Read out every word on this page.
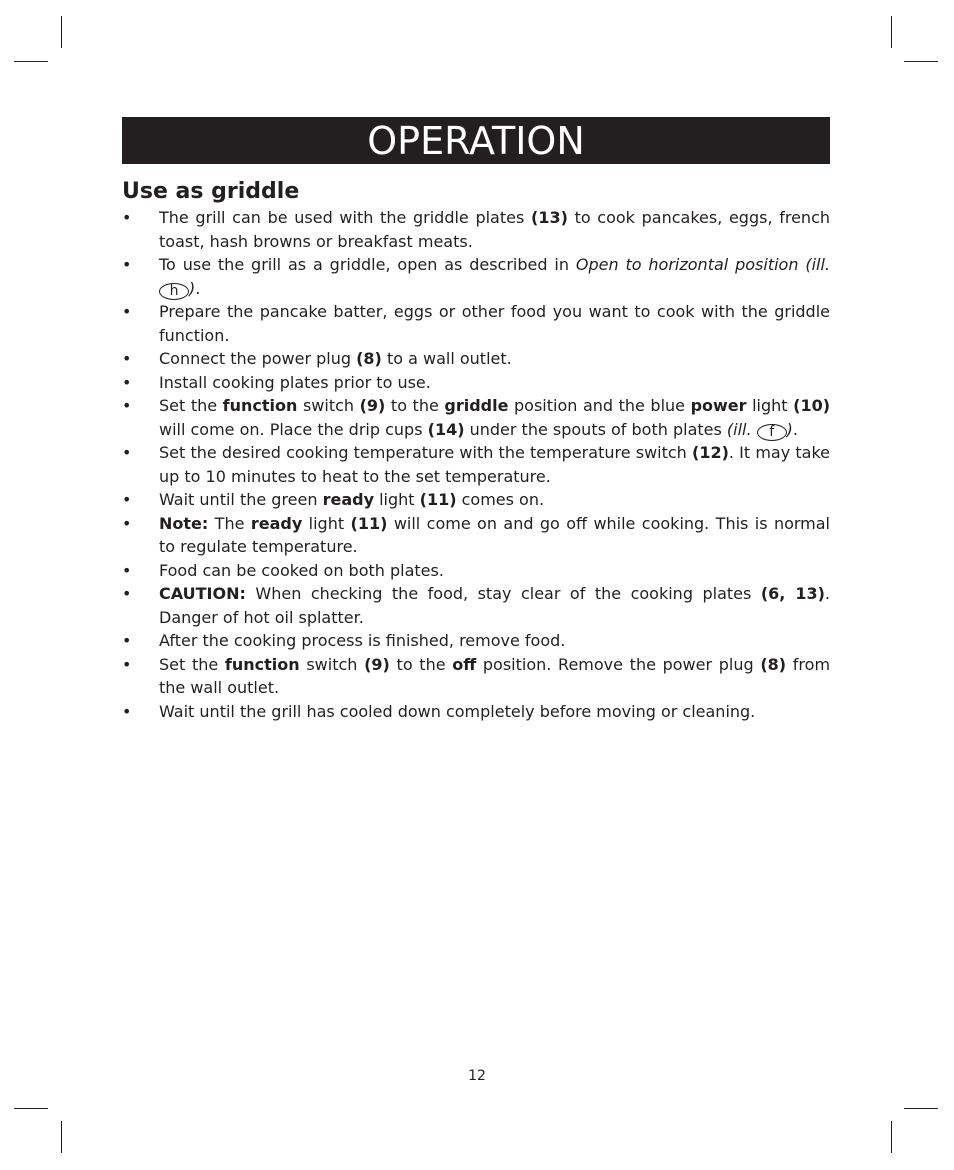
OPERATION
Use as griddle
• The grill can be used with the griddle plates (13) to cook pancakes, eggs, french toast, hash browns or breakfast meats.
• To use the grill as a griddle, open as described in Open to horizontal position (ill. h ).
• Prepare the pancake batter, eggs or other food you want to cook with the griddle function.
• Connect the power plug (8) to a wall outlet.
• Install cooking plates prior to use.
• Set the function switch (9) to the griddle position and the blue power light (10) will come on. Place the drip cups (14) under the spouts of both plates (ill. f ).
• Set the desired cooking temperature with the temperature switch (12). It may take up to 10 minutes to heat to the set temperature.
• Wait until the green ready light (11) comes on.
• Note: The ready light (11) will come on and go off while cooking. This is normal to regulate temperature.
• Food can be cooked on both plates.
• CAUTION: When checking the food, stay clear of the cooking plates (6, 13). Danger of hot oil splatter.
• After the cooking process is finished, remove food.
• Set the function switch (9) to the off position. Remove the power plug (8) from the wall outlet.
• Wait until the grill has cooled down completely before moving or cleaning.
12
